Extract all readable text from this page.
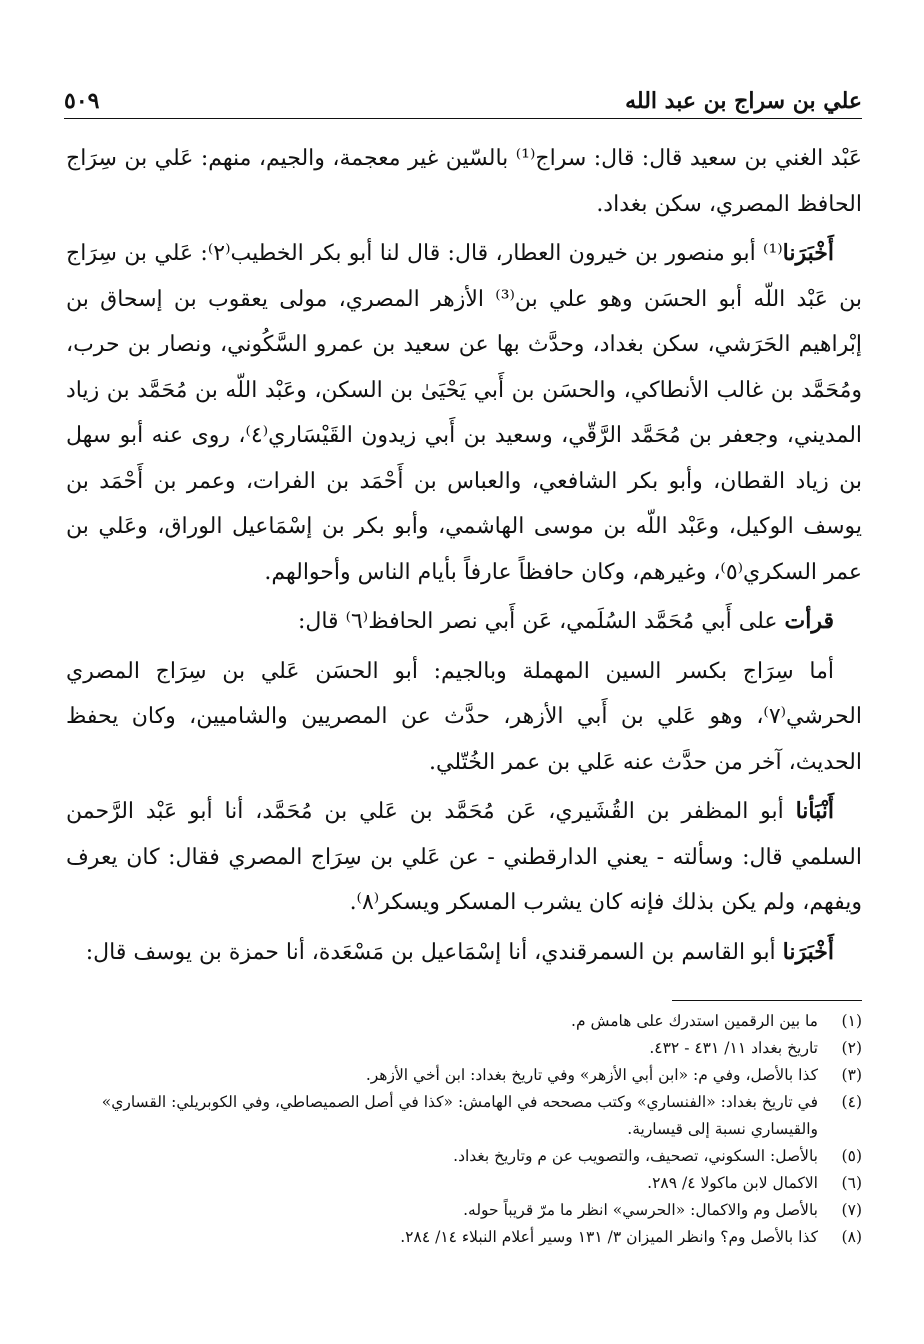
علي بن سراج بن عبد الله
٥٠٩

عَبْد الغني بن سعيد قال: قال: سراج⁽¹⁾ بالسّين غير معجمة، والجيم، منهم: عَلي بن سِرَاج الحافظ المصري، سكن بغداد.

أَخْبَرَنا⁽¹⁾ أبو منصور بن خيرون العطار، قال: قال لنا أبو بكر الخطيب⁽٢⁾: عَلي بن سِرَاج بن عَبْد اللّه أبو الحسَن وهو علي بن⁽³⁾ الأزهر المصري، مولى يعقوب بن إسحاق بن إبْراهيم الحَرَشي، سكن بغداد، وحدَّث بها عن سعيد بن عمرو السَّكُوني، ونصار بن حرب، ومُحَمَّد بن غالب الأنطاكي، والحسَن بن أَبي يَحْيَىٰ بن السكن، وعَبْد اللّه بن مُحَمَّد بن زياد المديني، وجعفر بن مُحَمَّد الرَّقّي، وسعيد بن أَبي زيدون القَيْسَاري⁽٤⁾، روى عنه أبو سهل بن زياد القطان، وأبو بكر الشافعي، والعباس بن أَحْمَد بن الفرات، وعمر بن أَحْمَد بن يوسف الوكيل، وعَبْد اللّه بن موسى الهاشمي، وأبو بكر بن إسْمَاعيل الوراق، وعَلي بن عمر السكري⁽٥⁾، وغيرهم، وكان حافظاً عارفاً بأيام الناس وأحوالهم.

قرأت على أَبي مُحَمَّد السُلَمي، عَن أَبي نصر الحافظ⁽٦⁾ قال:

أما سِرَاج بكسر السين المهملة وبالجيم: أبو الحسَن عَلي بن سِرَاج المصري الحرشي⁽٧⁾، وهو عَلي بن أَبي الأزهر، حدَّث عن المصريين والشاميين، وكان يحفظ الحديث، آخر من حدَّث عنه عَلي بن عمر الخُتّلي.

أَنْبَأنا أبو المظفر بن القُشَيري، عَن مُحَمَّد بن عَلي بن مُحَمَّد، أنا أبو عَبْد الرَّحمن السلمي قال: وسألته - يعني الدارقطني - عن عَلي بن سِرَاج المصري فقال: كان يعرف ويفهم، ولم يكن بذلك فإنه كان يشرب المسكر ويسكر⁽٨⁾.

أَخْبَرَنا أبو القاسم بن السمرقندي، أنا إسْمَاعيل بن مَسْعَدة، أنا حمزة بن يوسف قال:

(١)
ما بين الرقمين استدرك على هامش م.
(٢)
تاريخ بغداد ١١/ ٤٣١ - ٤٣٢.
(٣)
كذا بالأصل، وفي م: «ابن أبي الأزهر» وفي تاريخ بغداد: ابن أخي الأزهر.
(٤)
في تاريخ بغداد: «الفنساري» وكتب مصححه في الهامش: «كذا في أصل الصميصاطي، وفي الكوبريلي: القساري» والقيساري نسبة إلى قيسارية.
(٥)
بالأصل: السكوني، تصحيف، والتصويب عن م وتاريخ بغداد.
(٦)
الاكمال لابن ماكولا ٤/ ٢٨٩.
(٧)
بالأصل وم والاكمال: «الحرسي» انظر ما مرّ قريباً حوله.
(٨)
كذا بالأصل وم؟ وانظر الميزان ٣/ ١٣١ وسير أعلام النبلاء ١٤/ ٢٨٤.
